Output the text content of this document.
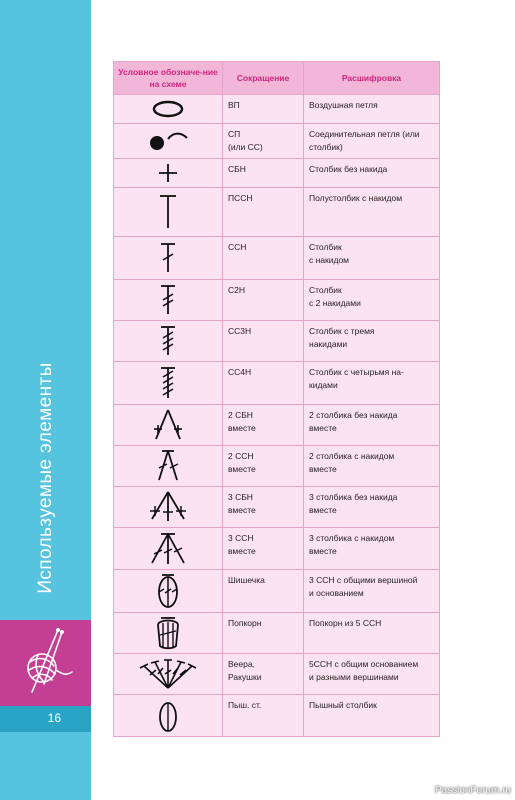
Используемые элементы
16
Условное обозначе-ние на схеме	Сокращение	Расшифровка

	ВП	Воздушная петля

	СП
(или СС)	Соединительная петля (или
столбик)

	СБН	Столбик без накида

	ПССН	Полустолбик с накидом

	ССН	Столбик
с накидом

	С2Н	Столбик
с 2 накидами

	СС3Н	Столбик с тремя
накидами

	СС4Н	Столбик с четырьмя на-
кидами

	2 СБН
вместе	2 столбика без накида
вместе

	2 ССН
вместе	2 столбика с накидом
вместе

	3 СБН
вместе	3 столбика без накида
вместе

	3 ССН
вместе	3 столбика с накидом
вместе

	Шишечка	3 ССН с общими вершиной
и основанием

	Попкорн	Попкорн из 5 ССН

	Веера,
Ракушки	5ССН с общим основанием
и разными вершинами

	Пыш. ст.	Пышный столбик
PassionForum.ru
